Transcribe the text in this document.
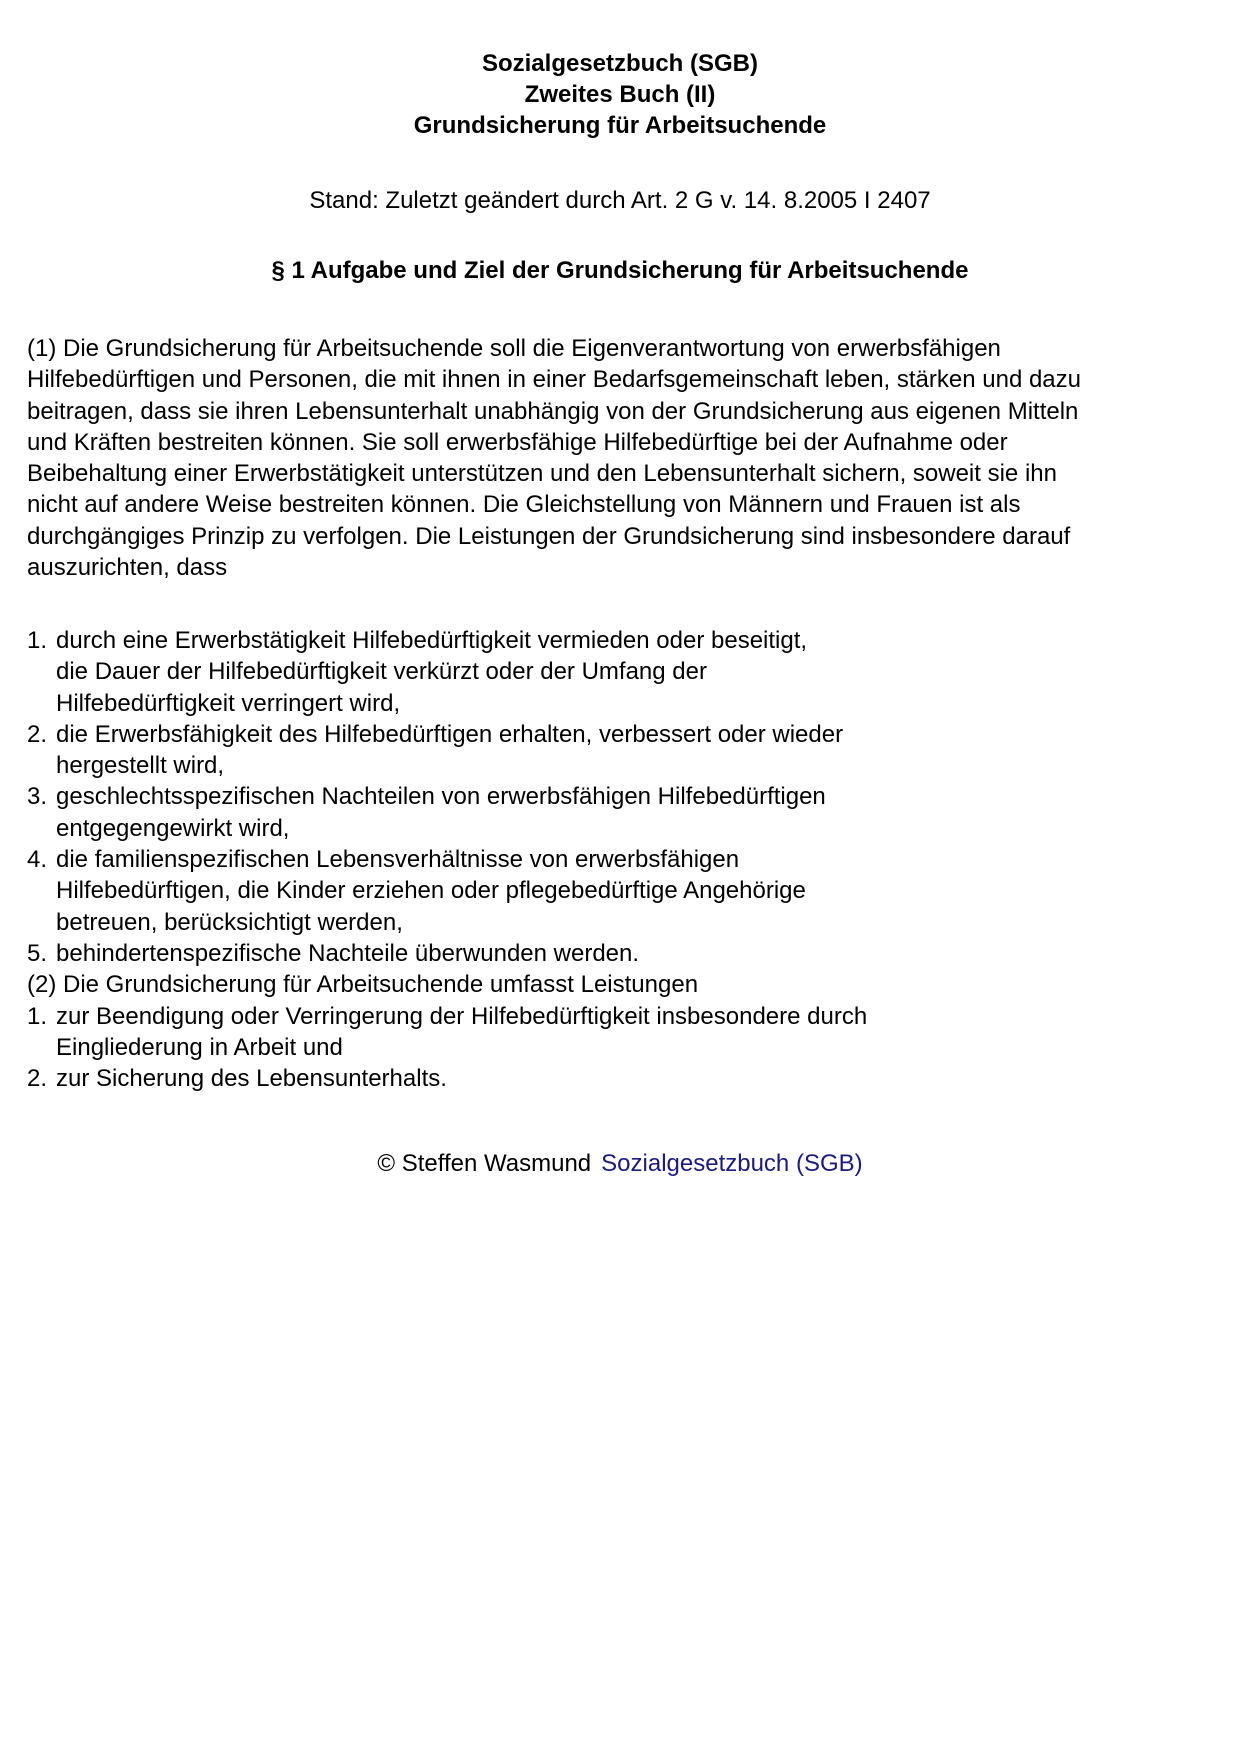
Sozialgesetzbuch (SGB)
Zweites Buch (II)
Grundsicherung für Arbeitsuchende
Stand: Zuletzt geändert durch Art. 2 G v. 14. 8.2005 I 2407
§ 1 Aufgabe und Ziel der Grundsicherung für Arbeitsuchende
(1) Die Grundsicherung für Arbeitsuchende soll die Eigenverantwortung von erwerbsfähigen
Hilfebedürftigen und Personen, die mit ihnen in einer Bedarfsgemeinschaft leben, stärken und dazu
beitragen, dass sie ihren Lebensunterhalt unabhängig von der Grundsicherung aus eigenen Mitteln
und Kräften bestreiten können. Sie soll erwerbsfähige Hilfebedürftige bei der Aufnahme oder
Beibehaltung einer Erwerbstätigkeit unterstützen und den Lebensunterhalt sichern, soweit sie ihn
nicht auf andere Weise bestreiten können. Die Gleichstellung von Männern und Frauen ist als
durchgängiges Prinzip zu verfolgen. Die Leistungen der Grundsicherung sind insbesondere darauf
auszurichten, dass
1. durch eine Erwerbstätigkeit Hilfebedürftigkeit vermieden oder beseitigt,
die Dauer der Hilfebedürftigkeit verkürzt oder der Umfang der
Hilfebedürftigkeit verringert wird,
2. die Erwerbsfähigkeit des Hilfebedürftigen erhalten, verbessert oder wieder
hergestellt wird,
3. geschlechtsspezifischen Nachteilen von erwerbsfähigen Hilfebedürftigen
entgegengewirkt wird,
4. die familienspezifischen Lebensverhältnisse von erwerbsfähigen
Hilfebedürftigen, die Kinder erziehen oder pflegebedürftige Angehörige
betreuen, berücksichtigt werden,
5. behindertenspezifische Nachteile überwunden werden.
(2) Die Grundsicherung für Arbeitsuchende umfasst Leistungen
1. zur Beendigung oder Verringerung der Hilfebedürftigkeit insbesondere durch
Eingliederung in Arbeit und
2. zur Sicherung des Lebensunterhalts.
© Steffen Wasmund Sozialgesetzbuch (SGB)
